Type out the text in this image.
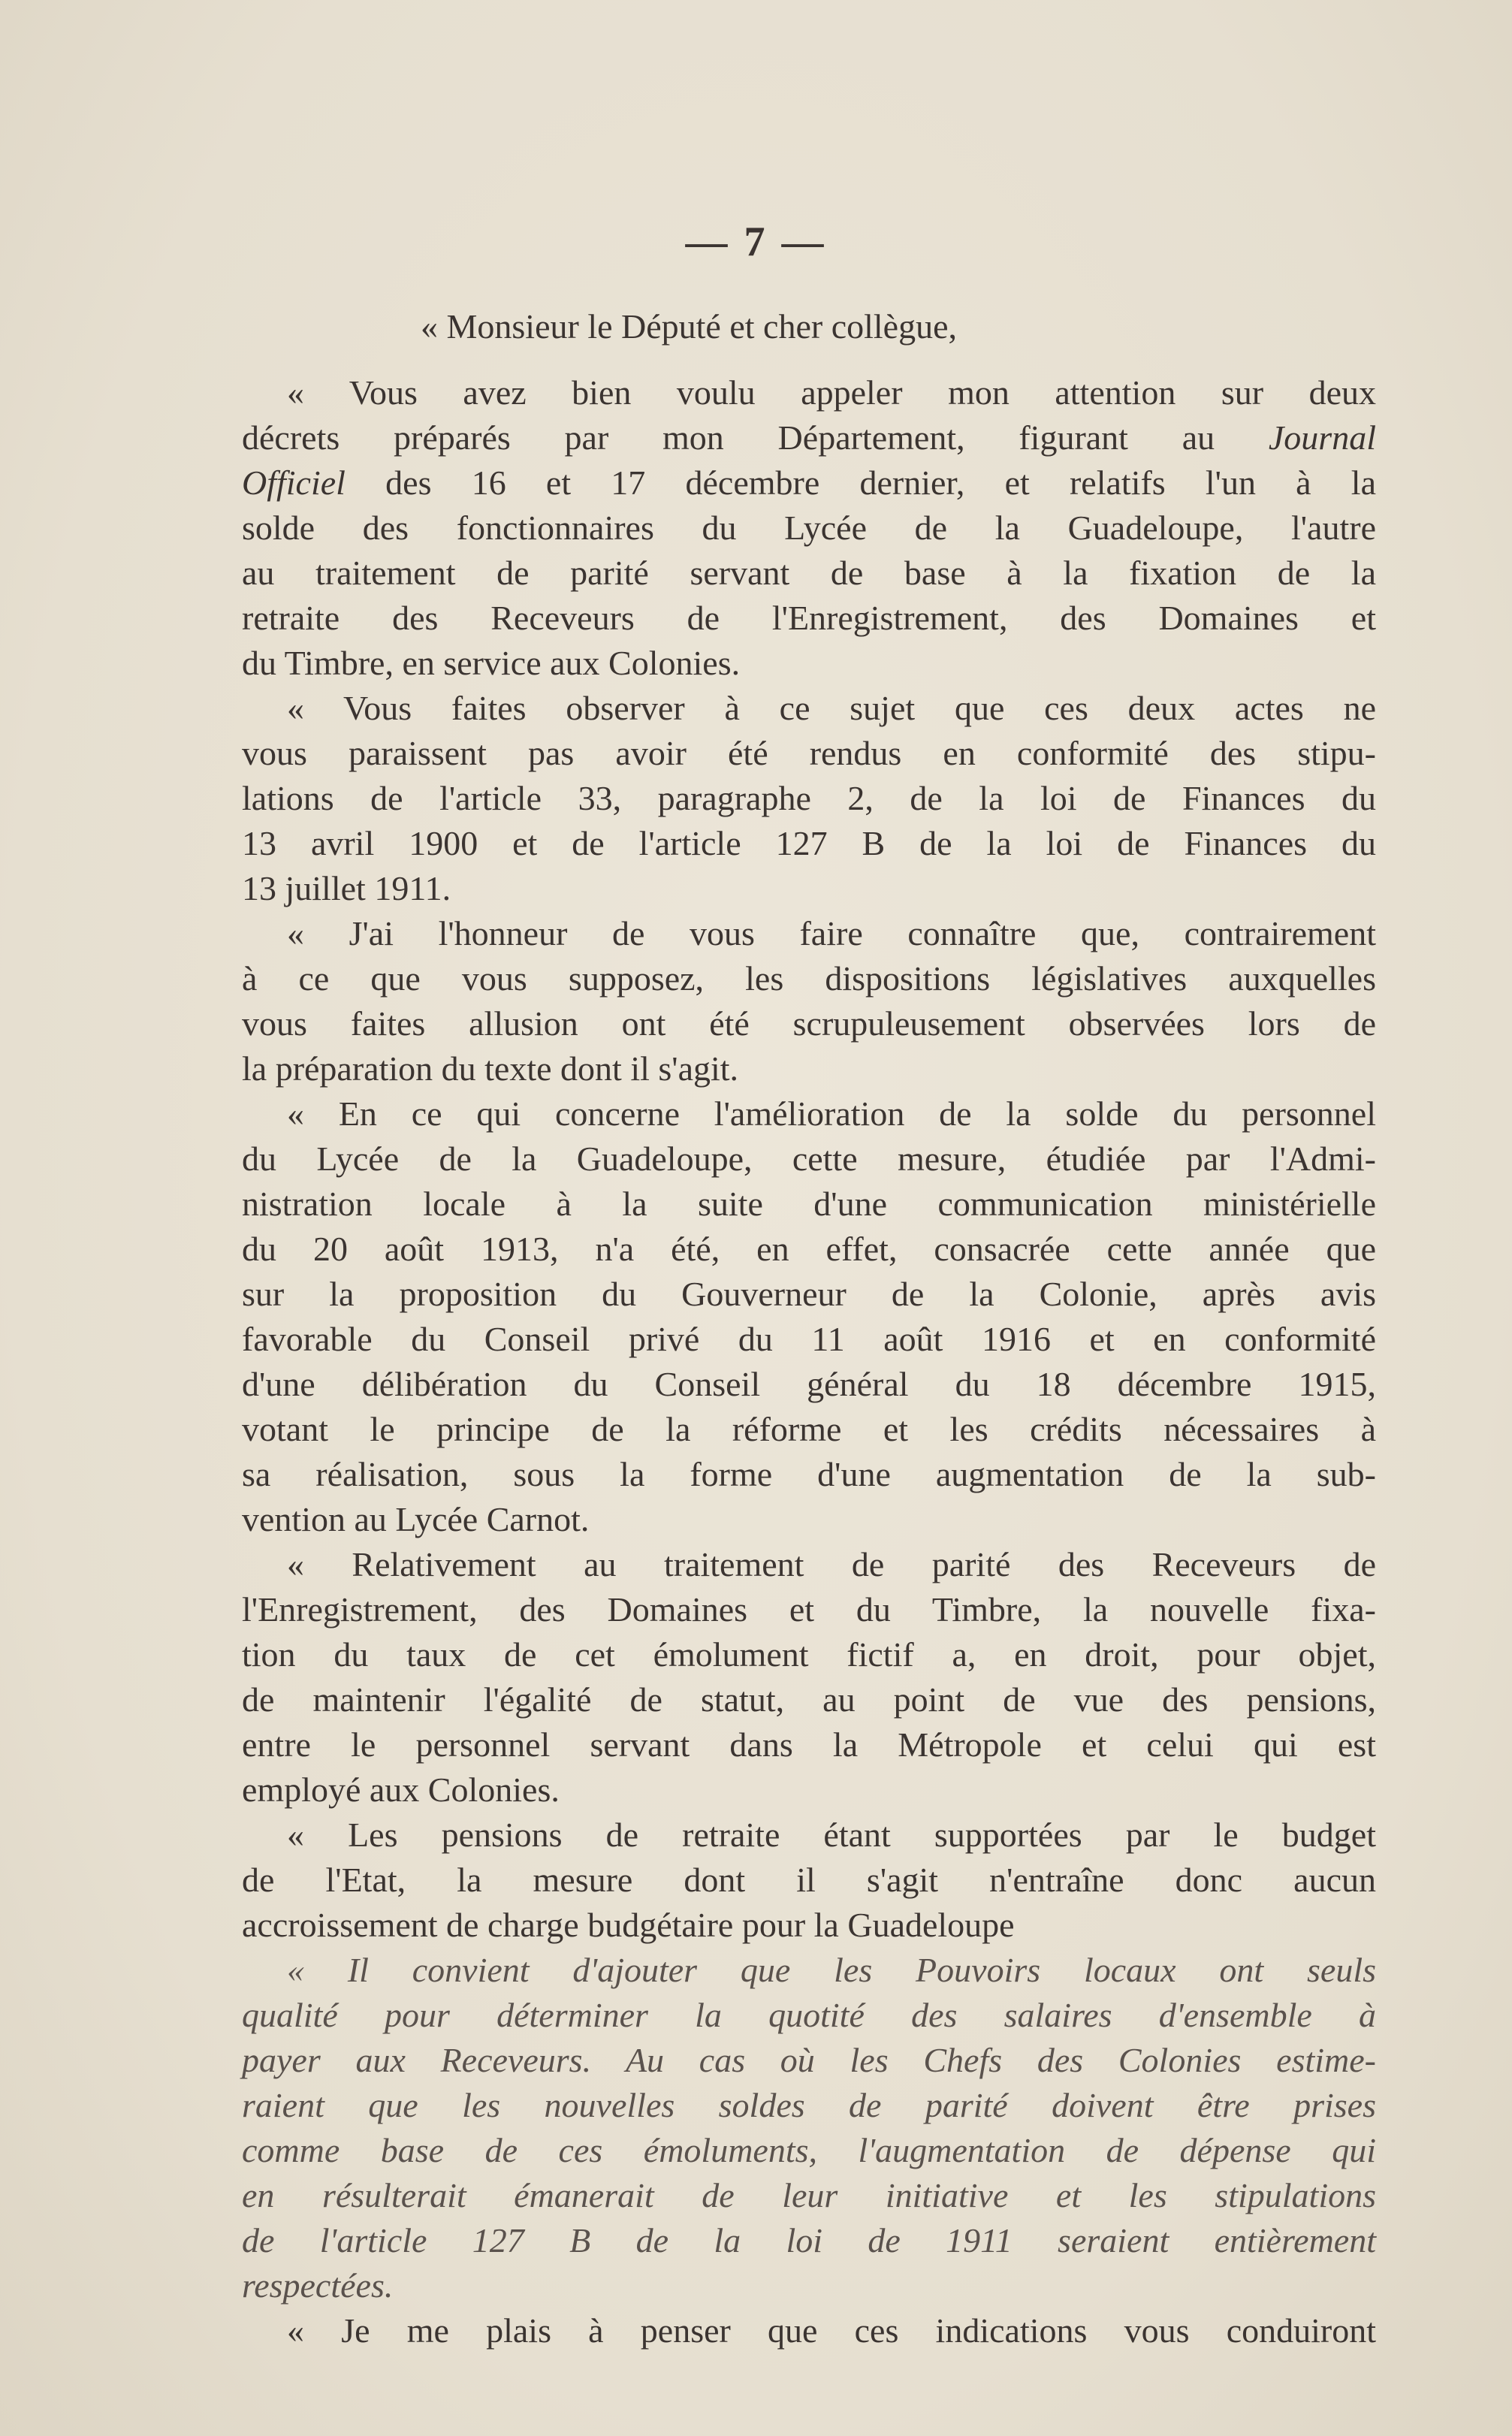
— 7 —
« Monsieur le Député et cher collègue,
« Vous avez bien voulu appeler mon attention sur deux
décrets préparés par mon Département, figurant au Journal
Officiel des 16 et 17 décembre dernier, et relatifs l'un à la
solde des fonctionnaires du Lycée de la Guadeloupe, l'autre
au traitement de parité servant de base à la fixation de la
retraite des Receveurs de l'Enregistrement, des Domaines et
du Timbre, en service aux Colonies.
« Vous faites observer à ce sujet que ces deux actes ne
vous paraissent pas avoir été rendus en conformité des stipu-
lations de l'article 33, paragraphe 2, de la loi de Finances du
13 avril 1900 et de l'article 127 B de la loi de Finances du
13 juillet 1911.
« J'ai l'honneur de vous faire connaître que, contrairement
à ce que vous supposez, les dispositions législatives auxquelles
vous faites allusion ont été scrupuleusement observées lors de
la préparation du texte dont il s'agit.
« En ce qui concerne l'amélioration de la solde du personnel
du Lycée de la Guadeloupe, cette mesure, étudiée par l'Admi-
nistration locale à la suite d'une communication ministérielle
du 20 août 1913, n'a été, en effet, consacrée cette année que
sur la proposition du Gouverneur de la Colonie, après avis
favorable du Conseil privé du 11 août 1916 et en conformité
d'une délibération du Conseil général du 18 décembre 1915,
votant le principe de la réforme et les crédits nécessaires à
sa réalisation, sous la forme d'une augmentation de la sub-
vention au Lycée Carnot.
« Relativement au traitement de parité des Receveurs de
l'Enregistrement, des Domaines et du Timbre, la nouvelle fixa-
tion du taux de cet émolument fictif a, en droit, pour objet,
de maintenir l'égalité de statut, au point de vue des pensions,
entre le personnel servant dans la Métropole et celui qui est
employé aux Colonies.
« Les pensions de retraite étant supportées par le budget
de l'Etat, la mesure dont il s'agit n'entraîne donc aucun
accroissement de charge budgétaire pour la Guadeloupe
« Il convient d'ajouter que les Pouvoirs locaux ont seuls
qualité pour déterminer la quotité des salaires d'ensemble à
payer aux Receveurs. Au cas où les Chefs des Colonies estime-
raient que les nouvelles soldes de parité doivent être prises
comme base de ces émoluments, l'augmentation de dépense qui
en résulterait émanerait de leur initiative et les stipulations
de l'article 127 B de la loi de 1911 seraient entièrement
respectées.
« Je me plais à penser que ces indications vous conduiront
